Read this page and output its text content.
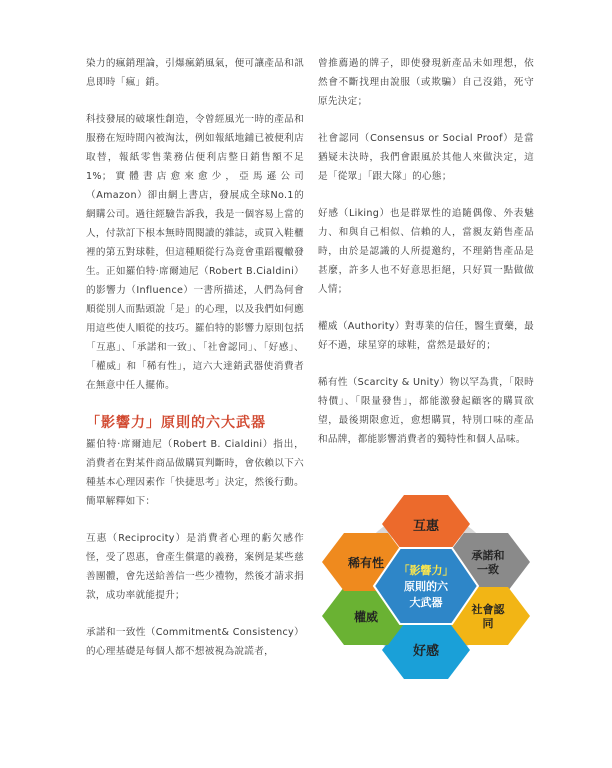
染力的瘋銷理論，引爆瘋銷風氣，便可讓產品和訊息即時「瘋」銷。

科技發展的破壞性創造，令曾經風光一時的產品和服務在短時間內被淘汰，例如報紙地鋪已被便利店取替，報紙零售業務佔便利店整日銷售額不足1%；實體書店愈來愈少，亞馬遜公司（Amazon）卻由網上書店，發展成全球No.1的網購公司。過往經驗告訴我，我是一個容易上當的人，付款訂下根本無時間閱讀的雜誌，或買入鞋櫃裡的第五對球鞋，但這種順從行為竟會重蹈覆轍發生。正如羅伯特·席爾迪尼（Robert B.Cialdini）的影響力（Influence）一書所描述，人們為何會順從別人而點頭說「是」的心理，以及我們如何應用這些使人順從的技巧。羅伯特的影響力原則包括「互惠」、「承諾和一致」、「社會認同」、「好感」、「權威」和「稀有性」，這六大達銷武器使消費者在無意中任人擺佈。

「影響力」原則的六大武器

羅伯特·席爾迪尼（Robert B. Cialdini）指出，消費者在對某件商品做購買判斷時，會依賴以下六種基本心理因素作「快捷思考」決定，然後行動。簡單解釋如下：

互惠（Reciprocity）是消費者心理的虧欠感作怪，受了恩惠，會產生償還的義務，案例是某些慈善團體，會先送給善信一些少禮物，然後才請求捐款，成功率就能提升；

承諾和一致性（Commitment& Consistency）的心理基礎是每個人都不想被視為說謊者，

曾推薦過的牌子，即使發現新產品未如理想，依然會不斷找理由說服（或欺騙）自己沒錯，死守原先決定；

社會認同（Consensus or Social Proof）是當猶疑未決時，我們會跟風於其他人來做決定，這是「從眾」「跟大隊」的心態；

好感（Liking）也是群眾性的追隨偶像、外表魅力、和與自己相似、信賴的人，當親友銷售產品時，由於是認識的人所提邀約，不理銷售產品是甚麼，許多人也不好意思拒絕，只好買一點做做人情；

權威（Authority）對專業的信任，醫生賣藥，最好不過，球星穿的球鞋，當然是最好的；

稀有性（Scarcity & Unity）物以罕為貴，「限時特價」、「限量發售」，都能激發起顧客的購買欲望，最後期限愈近，愈想購買，特別口味的產品和品牌，都能影響消費者的獨特性和個人品味。

互惠
承諾和
一致
社會認
同
好感
權威
稀有性
「影響力」
原則的六
大武器
